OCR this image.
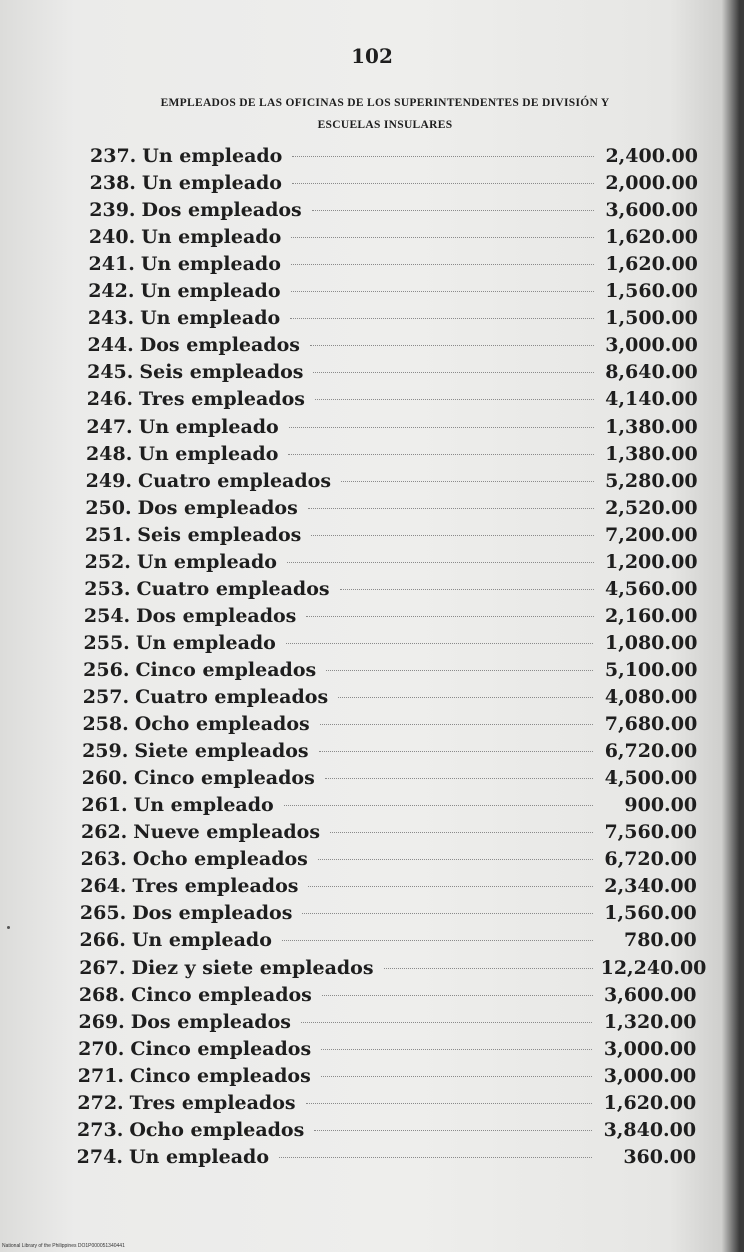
102
EMPLEADOS DE LAS OFICINAS DE LOS SUPERINTENDENTES DE DIVISIÓN Y
ESCUELAS INSULARES
237. Un empleado	2,400.00
238. Un empleado	2,000.00
239. Dos empleados	3,600.00
240. Un empleado	1,620.00
241. Un empleado	1,620.00
242. Un empleado	1,560.00
243. Un empleado	1,500.00
244. Dos empleados	3,000.00
245. Seis empleados	8,640.00
246. Tres empleados	4,140.00
247. Un empleado	1,380.00
248. Un empleado	1,380.00
249. Cuatro empleados	5,280.00
250. Dos empleados	2,520.00
251. Seis empleados	7,200.00
252. Un empleado	1,200.00
253. Cuatro empleados	4,560.00
254. Dos empleados	2,160.00
255. Un empleado	1,080.00
256. Cinco empleados	5,100.00
257. Cuatro empleados	4,080.00
258. Ocho empleados	7,680.00
259. Siete empleados	6,720.00
260. Cinco empleados	4,500.00
261. Un empleado	900.00
262. Nueve empleados	7,560.00
263. Ocho empleados	6,720.00
264. Tres empleados	2,340.00
265. Dos empleados	1,560.00
266. Un empleado	780.00
267. Diez y siete empleados	12,240.00
268. Cinco empleados	3,600.00
269. Dos empleados	1,320.00
270. Cinco empleados	3,000.00
271. Cinco empleados	3,000.00
272. Tres empleados	1,620.00
273. Ocho empleados	3,840.00
274. Un empleado	360.00
National Library of the Philippines DO1P000051340441
